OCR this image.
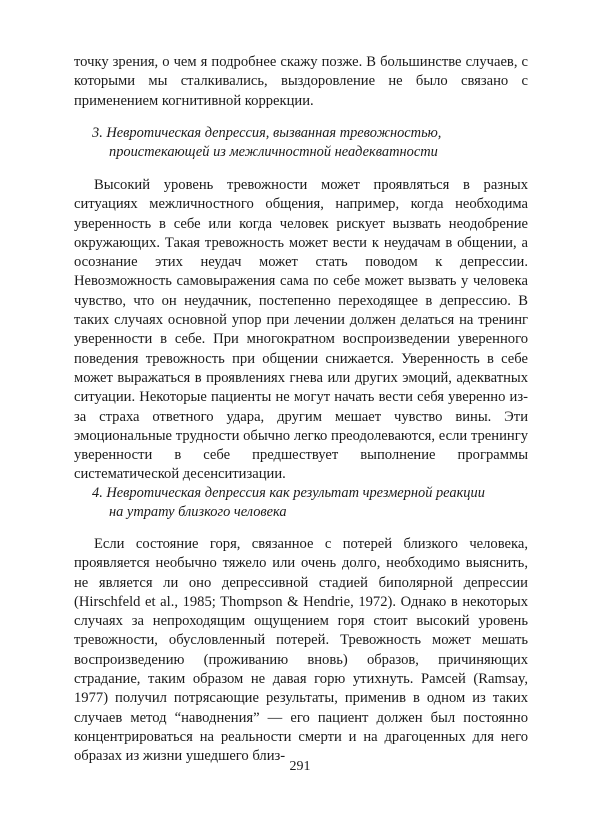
точку зрения, о чем я подробнее скажу позже. В большинстве случаев, с которыми мы сталкивались, выздоровление не было связано с применением когнитивной коррекции.

3. Невротическая депрессия, вызванная тревожностью,
проистекающей из межличностной неадекватности

Высокий уровень тревожности может проявляться в разных ситуациях межличностного общения, например, когда необходима уверенность в себе или когда человек рискует вызвать неодобрение окружающих. Такая тревожность может вести к неудачам в общении, а осознание этих неудач может стать поводом к депрессии. Невозможность самовыражения сама по себе может вызвать у человека чувство, что он неудачник, постепенно переходящее в депрессию. В таких случаях основной упор при лечении должен делаться на тренинг уверенности в себе. При многократном воспроизведении уверенного поведения тревожность при общении снижается. Уверенность в себе может выражаться в проявлениях гнева или других эмоций, адекватных ситуации. Некоторые пациенты не могут начать вести себя уверенно из-за страха ответного удара, другим мешает чувство вины. Эти эмоциональные трудности обычно легко преодолеваются, если тренингу уверенности в себе предшествует выполнение программы систематической десенситизации.

4. Невротическая депрессия как результат чрезмерной реакции
на утрату близкого человека

Если состояние горя, связанное с потерей близкого человека, проявляется необычно тяжело или очень долго, необходимо выяснить, не является ли оно депрессивной стадией биполярной депрессии (Hirschfeld et al., 1985; Thompson & Hendrie, 1972). Однако в некоторых случаях за непроходящим ощущением горя стоит высокий уровень тревожности, обусловленный потерей. Тревожность может мешать воспроизведению (проживанию вновь) образов, причиняющих страдание, таким образом не давая горю утихнуть. Рамсей (Ramsay, 1977) получил потрясающие результаты, применив в одном из таких случаев метод “наводнения” — его пациент должен был постоянно концентрироваться на реальности смерти и на драгоценных для него образах из жизни ушедшего близ-

291
